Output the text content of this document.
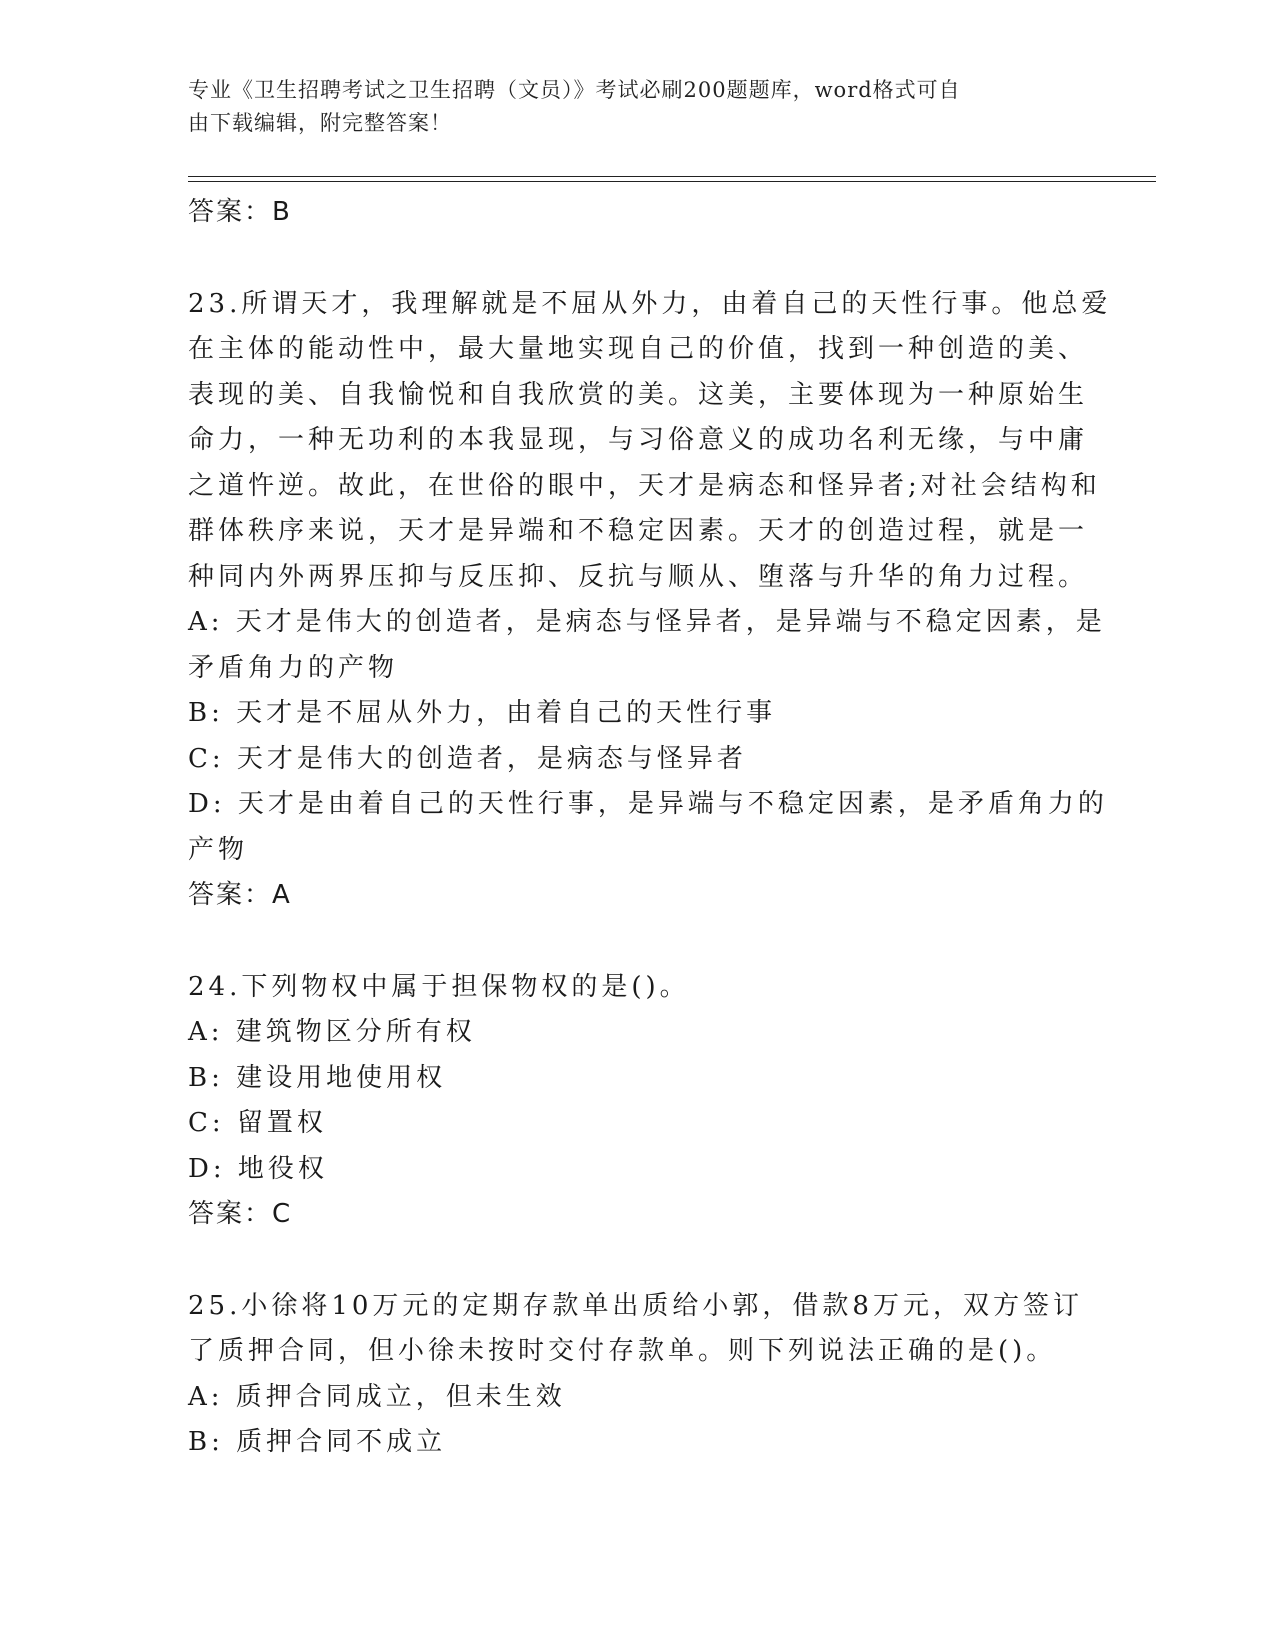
专业《卫生招聘考试之卫生招聘（文员）》考试必刷200题题库，word格式可自
由下载编辑，附完整答案！
答案：B
23.所谓天才，我理解就是不屈从外力，由着自己的天性行事。他总爱
在主体的能动性中，最大量地实现自己的价值，找到一种创造的美、
表现的美、自我愉悦和自我欣赏的美。这美，主要体现为一种原始生
命力，一种无功利的本我显现，与习俗意义的成功名利无缘，与中庸
之道忤逆。故此，在世俗的眼中，天才是病态和怪异者;对社会结构和
群体秩序来说，天才是异端和不稳定因素。天才的创造过程，就是一
种同内外两界压抑与反压抑、反抗与顺从、堕落与升华的角力过程。
A: 天才是伟大的创造者，是病态与怪异者，是异端与不稳定因素，是
矛盾角力的产物
B: 天才是不屈从外力，由着自己的天性行事
C: 天才是伟大的创造者，是病态与怪异者
D: 天才是由着自己的天性行事，是异端与不稳定因素，是矛盾角力的
产物
答案：A
24.下列物权中属于担保物权的是()。
A: 建筑物区分所有权
B: 建设用地使用权
C: 留置权
D: 地役权
答案：C
25.小徐将10万元的定期存款单出质给小郭，借款8万元，双方签订
了质押合同，但小徐未按时交付存款单。则下列说法正确的是()。
A: 质押合同成立，但未生效
B: 质押合同不成立
